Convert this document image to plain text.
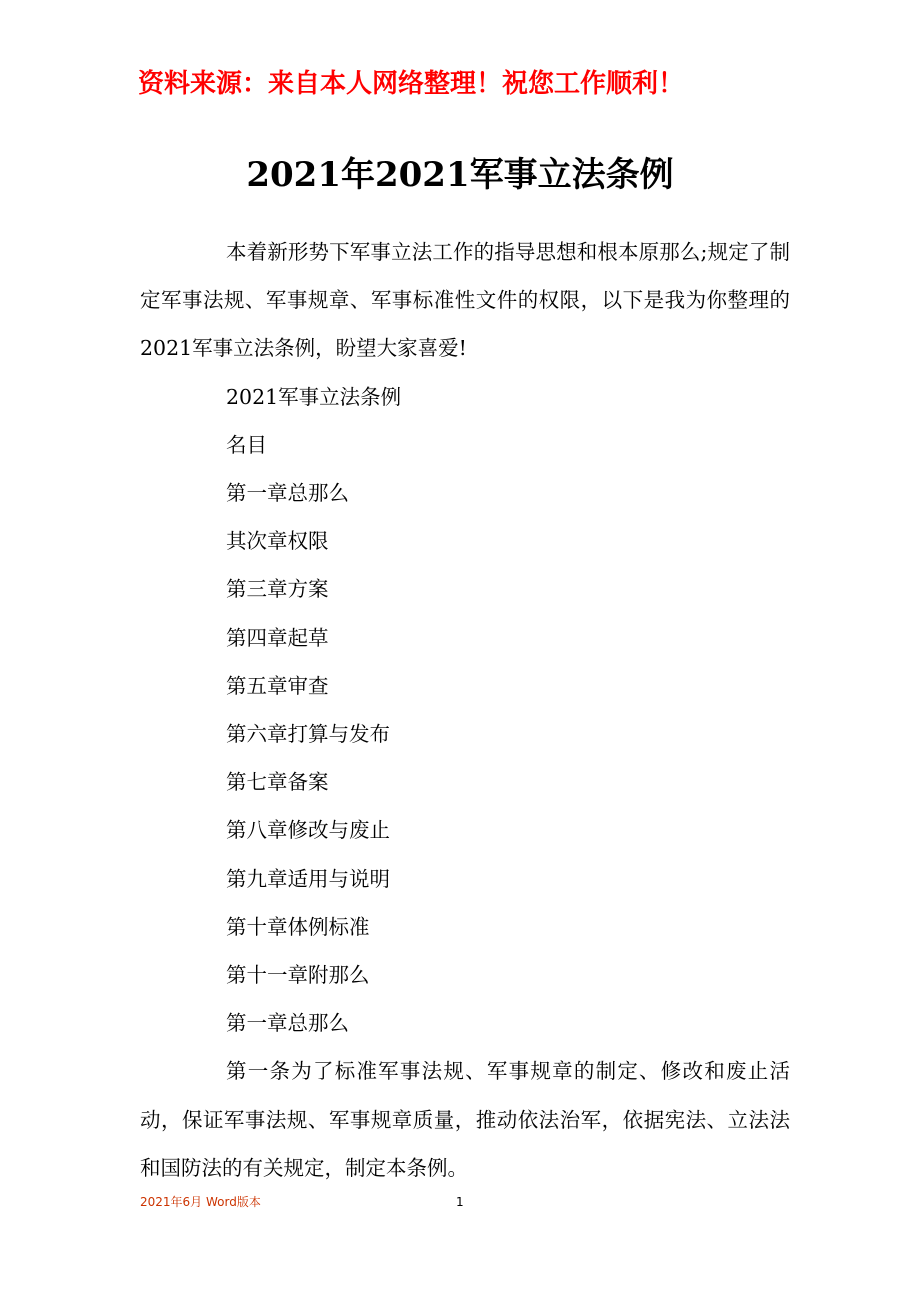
资料来源：来自本人网络整理！祝您工作顺利！
2021年2021军事立法条例

本着新形势下军事立法工作的指导思想和根本原那么;规定了制定军事法规、军事规章、军事标准性文件的权限，以下是我为你整理的2021军事立法条例，盼望大家喜爱!

2021军事立法条例

名目

第一章总那么

其次章权限

第三章方案

第四章起草

第五章审查

第六章打算与发布

第七章备案

第八章修改与废止

第九章适用与说明

第十章体例标准

第十一章附那么

第一章总那么

第一条为了标准军事法规、军事规章的制定、修改和废止活动，保证军事法规、军事规章质量，推动依法治军，依据宪法、立法法和国防法的有关规定，制定本条例。

2021年6月 Word版本	1
